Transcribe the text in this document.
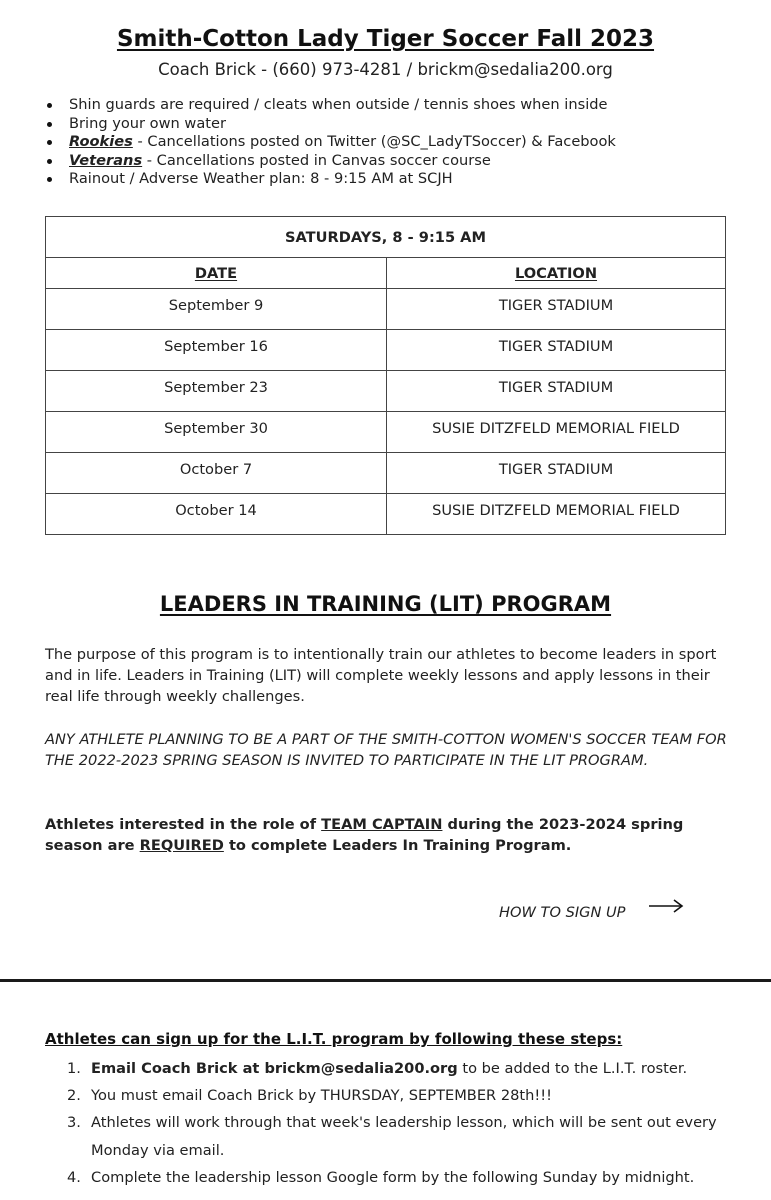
Smith-Cotton Lady Tiger Soccer Fall 2023
Coach Brick - (660) 973-4281 / brickm@sedalia200.org
Shin guards are required / cleats when outside / tennis shoes when inside
Bring your own water
Rookies - Cancellations posted on Twitter (@SC_LadyTSoccer) & Facebook
Veterans - Cancellations posted in Canvas soccer course
Rainout / Adverse Weather plan: 8 - 9:15 AM at SCJH
SATURDAYS, 8 - 9:15 AM	
DATE	LOCATION
September 9	TIGER STADIUM
September 16	TIGER STADIUM
September 23	TIGER STADIUM
September 30	SUSIE DITZFELD MEMORIAL FIELD
October 7	TIGER STADIUM
October 14	SUSIE DITZFELD MEMORIAL FIELD
LEADERS IN TRAINING (LIT) PROGRAM

The purpose of this program is to intentionally train our athletes to become leaders in sport and in life. Leaders in Training (LIT) will complete weekly lessons and apply lessons in their real life through weekly challenges.

ANY ATHLETE PLANNING TO BE A PART OF THE SMITH-COTTON WOMEN'S SOCCER TEAM FOR THE 2022-2023 SPRING SEASON IS INVITED TO PARTICIPATE IN THE LIT PROGRAM.

Athletes interested in the role of TEAM CAPTAIN during the 2023-2024 spring season are REQUIRED to complete Leaders In Training Program.

HOW TO SIGN UP
Athletes can sign up for the L.I.T. program by following these steps:
1. Email Coach Brick at brickm@sedalia200.org to be added to the L.I.T. roster.
2. You must email Coach Brick by THURSDAY, SEPTEMBER 28th!!!
3. Athletes will work through that week's leadership lesson, which will be sent out every Monday via email.
4. Complete the leadership lesson Google form by the following Sunday by midnight.
